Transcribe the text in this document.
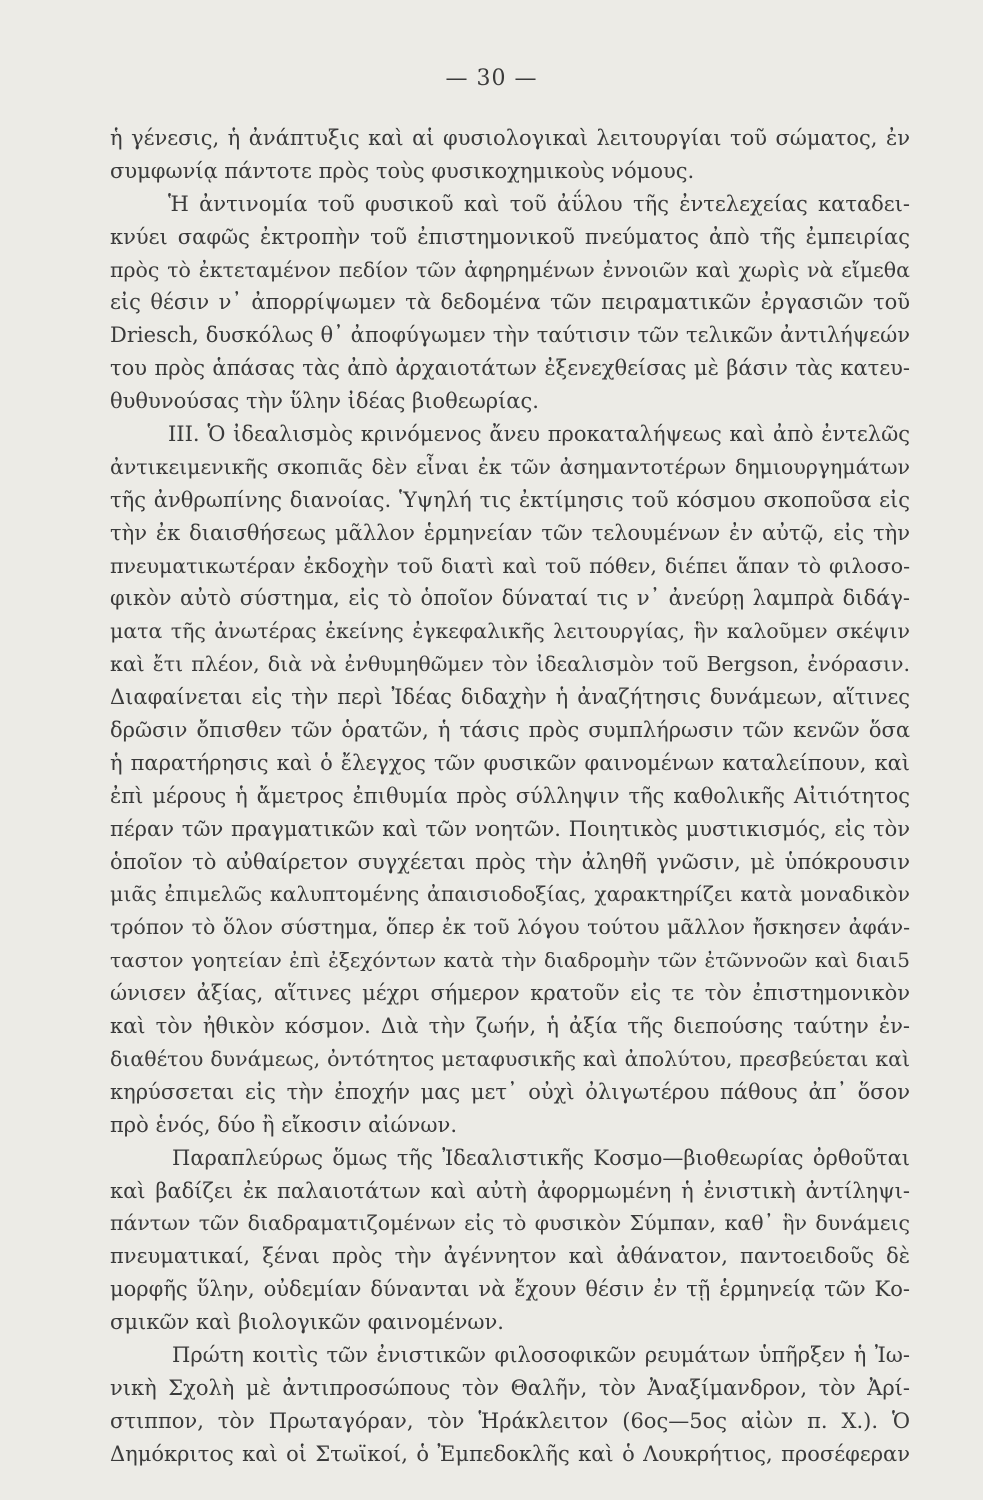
— 30 —
ἡ γένεσις, ἡ ἀνάπτυξις καὶ αἱ φυσιολογικαὶ λειτουργίαι τοῦ σώματος, ἐν
συμφωνίᾳ πάντοτε πρὸς τοὺς φυσικοχημικοὺς νόμους.
Ἡ ἀντινομία τοῦ φυσικοῦ καὶ τοῦ ἀΰλου τῆς ἐντελεχείας καταδει-
κνύει σαφῶς ἐκτροπὴν τοῦ ἐπιστημονικοῦ πνεύματος ἀπὸ τῆς ἐμπειρίας
πρὸς τὸ ἐκτεταμένον πεδίον τῶν ἀφηρημένων ἐννοιῶν καὶ χωρὶς νὰ εἴμεθα
εἰς θέσιν ν᾽ ἀπορρίψωμεν τὰ δεδομένα τῶν πειραματικῶν ἐργασιῶν τοῦ
Driesch, δυσκόλως θ᾽ ἀποφύγωμεν τὴν ταύτισιν τῶν τελικῶν ἀντιλήψεών
του πρὸς ἁπάσας τὰς ἀπὸ ἀρχαιοτάτων ἐξενεχθείσας μὲ βάσιν τὰς κατευ-
θυθυνούσας τὴν ὕλην ἰδέας βιοθεωρίας.
ΙΙΙ. Ὁ ἰδεαλισμὸς κρινόμενος ἄνευ προκαταλήψεως καὶ ἀπὸ ἐντελῶς
ἀντικειμενικῆς σκοπιᾶς δὲν εἶναι ἐκ τῶν ἀσημαντοτέρων δημιουργημάτων
τῆς ἀνθρωπίνης διανοίας. Ὑψηλή τις ἐκτίμησις τοῦ κόσμου σκοποῦσα εἰς
τὴν ἐκ διαισθήσεως μᾶλλον ἑρμηνείαν τῶν τελουμένων ἐν αὐτῷ, εἰς τὴν
πνευματικωτέραν ἐκδοχὴν τοῦ διατὶ καὶ τοῦ πόθεν, διέπει ἅπαν τὸ φιλοσο-
φικὸν αὐτὸ σύστημα, εἰς τὸ ὁποῖον δύναταί τις ν᾽ ἀνεύρῃ λαμπρὰ διδάγ-
ματα τῆς ἀνωτέρας ἐκείνης ἐγκεφαλικῆς λειτουργίας, ἣν καλοῦμεν σκέψιν
καὶ ἔτι πλέον, διὰ νὰ ἐνθυμηθῶμεν τὸν ἰδεαλισμὸν τοῦ Bergson, ἐνόρασιν.
Διαφαίνεται εἰς τὴν περὶ Ἰδέας διδαχὴν ἡ ἀναζήτησις δυνάμεων, αἵτινες
δρῶσιν ὄπισθεν τῶν ὁρατῶν, ἡ τάσις πρὸς συμπλήρωσιν τῶν κενῶν ὅσα
ἡ παρατήρησις καὶ ὁ ἔλεγχος τῶν φυσικῶν φαινομένων καταλείπουν, καὶ
ἐπὶ μέρους ἡ ἄμετρος ἐπιθυμία πρὸς σύλληψιν τῆς καθολικῆς Αἰτιότητος
πέραν τῶν πραγματικῶν καὶ τῶν νοητῶν. Ποιητικὸς μυστικισμός, εἰς τὸν
ὁποῖον τὸ αὐθαίρετον συγχέεται πρὸς τὴν ἀληθῆ γνῶσιν, μὲ ὑπόκρουσιν
μιᾶς ἐπιμελῶς καλυπτομένης ἀπαισιοδοξίας, χαρακτηρίζει κατὰ μοναδικὸν
τρόπον τὸ ὅλον σύστημα, ὅπερ ἐκ τοῦ λόγου τούτου μᾶλλον ἤσκησεν ἀφάν-
ταστον γοητείαν ἐπὶ ἐξεχόντων κατὰ τὴν διαδρομὴν τῶν ἐτῶννοῶν καὶ διαι5
ώνισεν ἀξίας, αἵτινες μέχρι σήμερον κρατοῦν εἰς τε τὸν ἐπιστημονικὸν
καὶ τὸν ἠθικὸν κόσμον. Διὰ τὴν ζωήν, ἡ ἀξία τῆς διεπούσης ταύτην ἐν-
διαθέτου δυνάμεως, ὀντότητος μεταφυσικῆς καὶ ἀπολύτου, πρεσβεύεται καὶ
κηρύσσεται εἰς τὴν ἐποχήν μας μετ᾽ οὐχὶ ὀλιγωτέρου πάθους ἀπ᾽ ὅσον
πρὸ ἑνός, δύο ἢ εἴκοσιν αἰώνων.
Παραπλεύρως ὅμως τῆς Ἰδεαλιστικῆς Κοσμο—βιοθεωρίας ὀρθοῦται
καὶ βαδίζει ἐκ παλαιοτάτων καὶ αὐτὴ ἀφορμωμένη ἡ ἐνιστικὴ ἀντίληψι-
πάντων τῶν διαδραματιζομένων εἰς τὸ φυσικὸν Σύμπαν, καθ᾽ ἣν δυνάμεις
πνευματικαί, ξέναι πρὸς τὴν ἀγέννητον καὶ ἀθάνατον, παντοειδοῦς δὲ
μορφῆς ὕλην, οὐδεμίαν δύνανται νὰ ἔχουν θέσιν ἐν τῇ ἑρμηνείᾳ τῶν Κο-
σμικῶν καὶ βιολογικῶν φαινομένων.
Πρώτη κοιτὶς τῶν ἐνιστικῶν φιλοσοφικῶν ρευμάτων ὑπῆρξεν ἡ Ἰω-
νικὴ Σχολὴ μὲ ἀντιπροσώπους τὸν Θαλῆν, τὸν Ἀναξίμανδρον, τὸν Ἀρί-
στιππον, τὸν Πρωταγόραν, τὸν Ἡράκλειτον (6ος—5ος αἰὼν π. Χ.). Ὁ
Δημόκριτος καὶ οἱ Στωϊκοί, ὁ Ἐμπεδοκλῆς καὶ ὁ Λουκρήτιος, προσέφεραν
